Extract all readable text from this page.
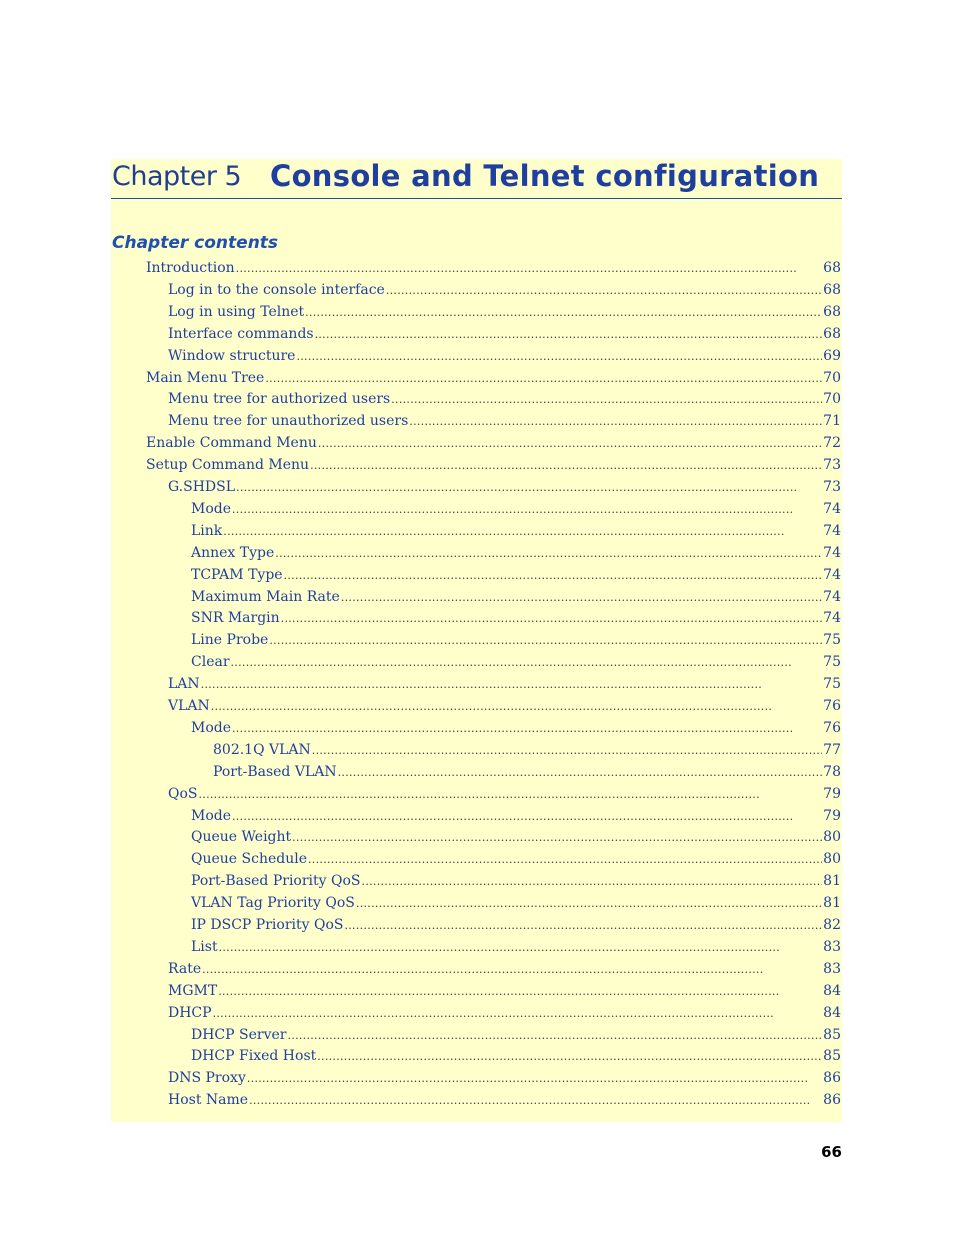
Chapter 5 Console and Telnet configuration
Chapter contents
Introduction . . .	68
Log in to the console interface . . .	68
Log in using Telnet . . .	68
Interface commands . . .	68
Window structure . . .	69
Main Menu Tree . . .	70
Menu tree for authorized users . . .	70
Menu tree for unauthorized users . . .	71
Enable Command Menu . . .	72
Setup Command Menu . . .	73
G.SHDSL . . .	73
Mode . . .	74
Link . . .	74
Annex Type . . .	74
TCPAM Type . . .	74
Maximum Main Rate . . .	74
SNR Margin . . .	74
Line Probe . . .	75
Clear . . .	75
LAN . . .	75
VLAN . . .	76
Mode . . .	76
802.1Q VLAN . . .	77
Port-Based VLAN . . .	78
QoS . . .	79
Mode . . .	79
Queue Weight . . .	80
Queue Schedule . . .	80
Port-Based Priority QoS . . .	81
VLAN Tag Priority QoS . . .	81
IP DSCP Priority QoS . . .	82
List . . .	83
Rate . . .	83
MGMT . . .	84
DHCP . . .	84
DHCP Server . . .	85
DHCP Fixed Host . . .	85
DNS Proxy . . .	86
Host Name . . .	86
66
